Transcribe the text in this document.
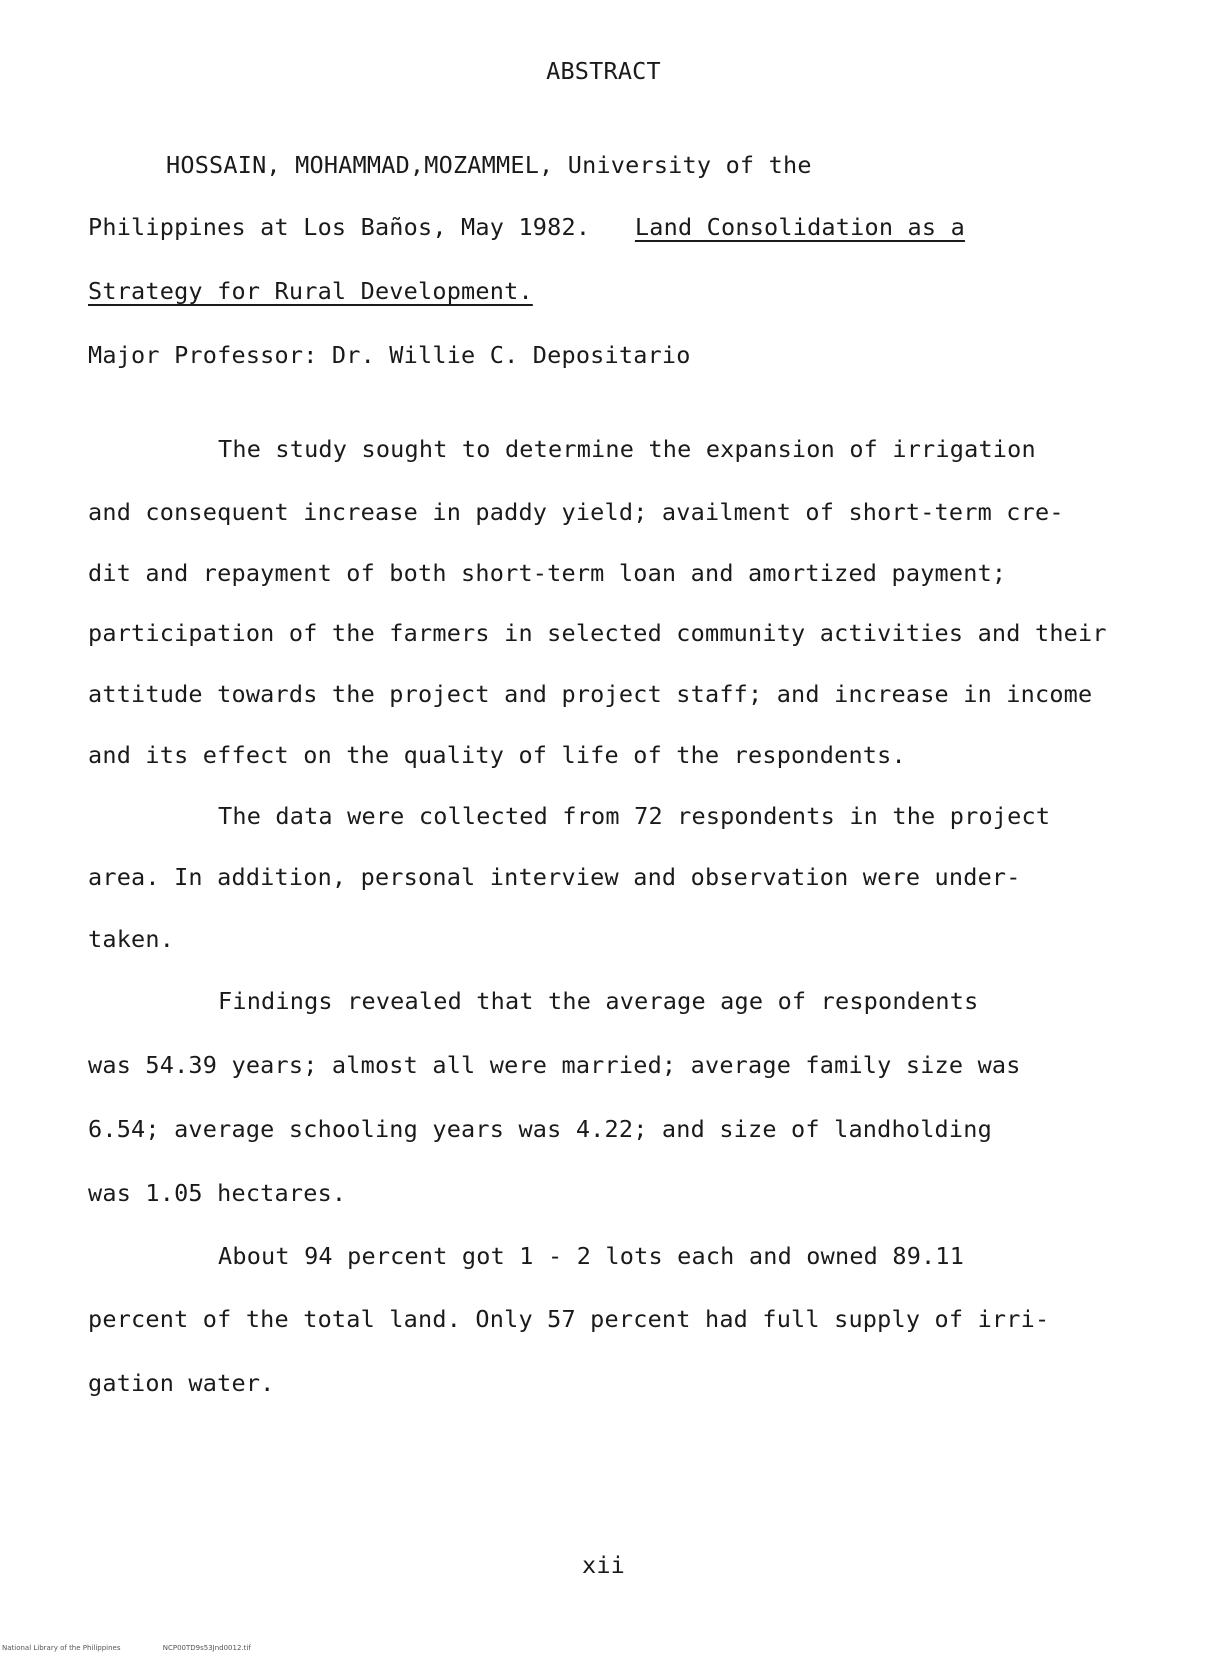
ABSTRACT
HOSSAIN, MOHAMMAD,MOZAMMEL, University of the
Philippines at Los Baños, May 1982. Land Consolidation as a
Strategy for Rural Development.
Major Professor: Dr. Willie C. Depositario
The study sought to determine the expansion of irrigation
and consequent increase in paddy yield; availment of short-term cre-
dit and repayment of both short-term loan and amortized payment;
participation of the farmers in selected community activities and their
attitude towards the project and project staff; and increase in income
and its effect on the quality of life of the respondents.
The data were collected from 72 respondents in the project
area. In addition, personal interview and observation were under-
taken.
Findings revealed that the average age of respondents
was 54.39 years; almost all were married; average family size was
6.54; average schooling years was 4.22; and size of landholding
was 1.05 hectares.
About 94 percent got 1 - 2 lots each and owned 89.11
percent of the total land. Only 57 percent had full supply of irri-
gation water.
xii
National Library of the Philippines	NCP00TD9s53Jnd0012.tif
